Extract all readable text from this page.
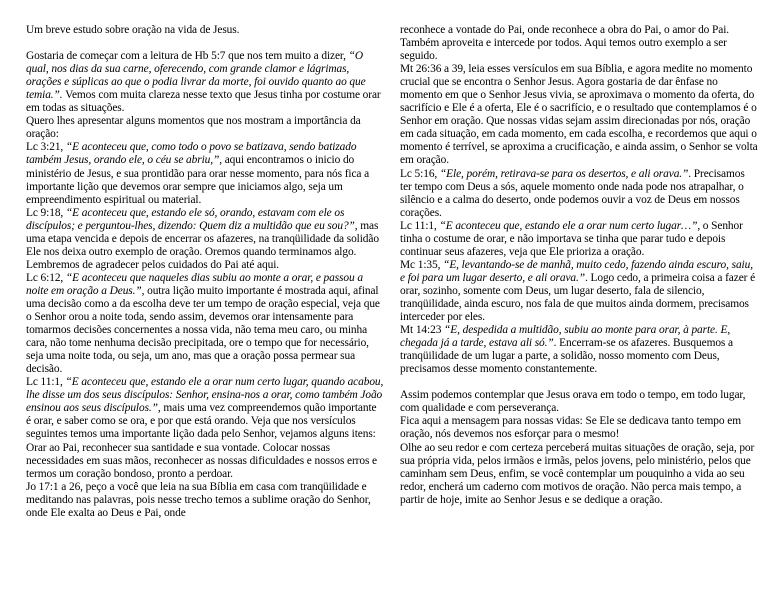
Um breve estudo sobre oração na vida de Jesus.

Gostaria de começar com a leitura de Hb 5:7 que nos tem muito a dizer, “O qual, nos dias da sua carne, oferecendo, com grande clamor e lágrimas, orações e súplicas ao que o podia livrar da morte, foi ouvido quanto ao que temia.”. Vemos com muita clareza nesse texto que Jesus tinha por costume orar em todas as situações.

Quero lhes apresentar alguns momentos que nos mostram a importância da oração:

Lc 3:21, “E aconteceu que, como todo o povo se batizava, sendo batizado também Jesus, orando ele, o céu se abriu,”, aqui encontramos o inicio do ministério de Jesus, e sua prontidão para orar nesse momento, para nós fica a importante lição que devemos orar sempre que iniciamos algo, seja um empreendimento espiritual ou material.

Lc 9:18, “E aconteceu que, estando ele só, orando, estavam com ele os discípulos; e perguntou-lhes, dizendo: Quem diz a multidão que eu sou?”, mas uma etapa vencida e depois de encerrar os afazeres, na tranqüilidade da solidão Ele nos deixa outro exemplo de oração. Oremos quando terminamos algo. Lembremos de agradecer pelos cuidados do Pai até aqui.

Lc 6:12, “E aconteceu que naqueles dias subiu ao monte a orar, e passou a noite em oração a Deus.”, outra lição muito importante é mostrada aqui, afinal uma decisão como a da escolha deve ter um tempo de oração especial, veja que o Senhor orou a noite toda, sendo assim, devemos orar intensamente para tomarmos decisões concernentes a nossa vida, não tema meu caro, ou minha cara, não tome nenhuma decisão precipitada, ore o tempo que for necessário, seja uma noite toda, ou seja, um ano, mas que a oração possa permear sua decisão.

Lc 11:1, “E aconteceu que, estando ele a orar num certo lugar, quando acabou, lhe disse um dos seus discípulos: Senhor, ensina-nos a orar, como também João ensinou aos seus discípulos.”, mais uma vez compreendemos quão importante é orar, e saber como se ora, e por que está orando. Veja que nos versículos seguintes temos uma importante lição dada pelo Senhor, vejamos alguns itens:

Orar ao Pai, reconhecer sua santidade e sua vontade. Colocar nossas necessidades em suas mãos, reconhecer as nossas dificuldades e nossos erros e termos um coração bondoso, pronto a perdoar.

Jo 17:1 a 26, peço a você que leia na sua Bíblia em casa com tranqüilidade e meditando nas palavras, pois nesse trecho temos a sublime oração do Senhor, onde Ele exalta ao Deus e Pai, onde

reconhece a vontade do Pai, onde reconhece a obra do Pai, o amor do Pai. Também aproveita e intercede por todos. Aqui temos outro exemplo a ser seguido.

Mt 26:36 a 39, leia esses versículos em sua Bíblia, e agora medite no momento crucial que se encontra o Senhor Jesus. Agora gostaria de dar ênfase no momento em que o Senhor Jesus vivia, se aproximava o momento da oferta, do sacrifício e Ele é a oferta, Ele é o sacrifício, e o resultado que contemplamos é o Senhor em oração. Que nossas vidas sejam assim direcionadas por nós, oração em cada situação, em cada momento, em cada escolha, e recordemos que aqui o momento é terrível, se aproxima a crucificação, e ainda assim, o Senhor se volta em oração.

Lc 5:16, “Ele, porém, retirava-se para os desertos, e ali orava.”. Precisamos ter tempo com Deus a sós, aquele momento onde nada pode nos atrapalhar, o silêncio e a calma do deserto, onde podemos ouvir a voz de Deus em nossos corações.

Lc 11:1, “E aconteceu que, estando ele a orar num certo lugar…”, o Senhor tinha o costume de orar, e não importava se tinha que parar tudo e depois continuar seus afazeres, veja que Ele prioriza a oração.

Mc 1:35, “E, levantando-se de manhã, muito cedo, fazendo ainda escuro, saiu, e foi para um lugar deserto, e ali orava.”. Logo cedo, a primeira coisa a fazer é orar, sozinho, somente com Deus, um lugar deserto, fala de silencio, tranqüilidade, ainda escuro, nos fala de que muitos ainda dormem, precisamos interceder por eles.

Mt 14:23 “E, despedida a multidão, subiu ao monte para orar, à parte. E, chegada já a tarde, estava ali só.”. Encerram-se os afazeres. Busquemos a tranqüilidade de um lugar a parte, a solidão, nosso momento com Deus, precisamos desse momento constantemente.

Assim podemos contemplar que Jesus orava em todo o tempo, em todo lugar, com qualidade e com perseverança.

Fica aqui a mensagem para nossas vidas: Se Ele se dedicava tanto tempo em oração, nós devemos nos esforçar para o mesmo!

Olhe ao seu redor e com certeza perceberá muitas situações de oração, seja, por sua própria vida, pelos irmãos e irmãs, pelos jovens, pelo ministério, pelos que caminham sem Deus, enfim, se você contemplar um pouquinho a vida ao seu redor, encherá um caderno com motivos de oração. Não perca mais tempo, a partir de hoje, imite ao Senhor Jesus e se dedique a oração.
